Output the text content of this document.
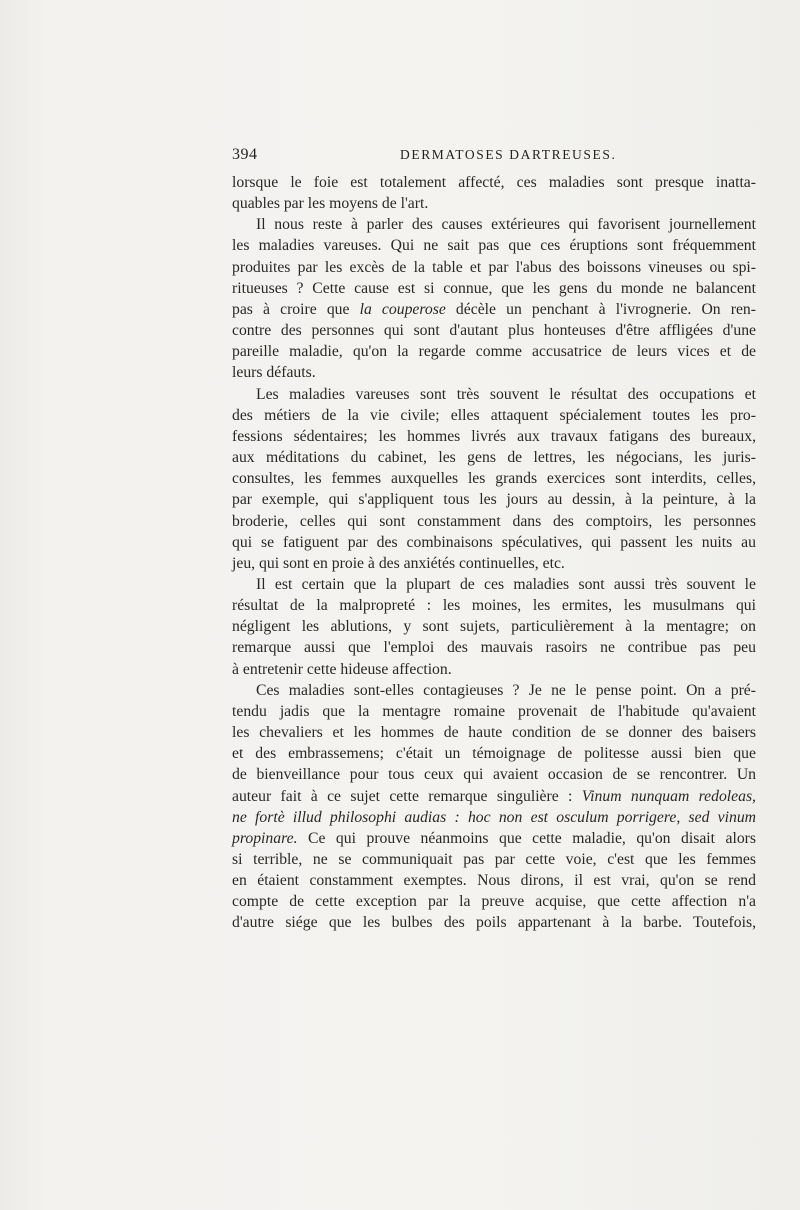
394	DERMATOSES DARTREUSES.

lorsque le foie est totalement affecté, ces maladies sont presque inatta-
quables par les moyens de l'art.

Il nous reste à parler des causes extérieures qui favorisent journellement
les maladies vareuses. Qui ne sait pas que ces éruptions sont fréquemment
produites par les excès de la table et par l'abus des boissons vineuses ou spi-
ritueuses ? Cette cause est si connue, que les gens du monde ne balancent
pas à croire que la couperose décèle un penchant à l'ivrognerie. On ren-
contre des personnes qui sont d'autant plus honteuses d'être affligées d'une
pareille maladie, qu'on la regarde comme accusatrice de leurs vices et de
leurs défauts.

Les maladies vareuses sont très souvent le résultat des occupations et
des métiers de la vie civile; elles attaquent spécialement toutes les pro-
fessions sédentaires; les hommes livrés aux travaux fatigans des bureaux,
aux méditations du cabinet, les gens de lettres, les négocians, les juris-
consultes, les femmes auxquelles les grands exercices sont interdits, celles,
par exemple, qui s'appliquent tous les jours au dessin, à la peinture, à la
broderie, celles qui sont constamment dans des comptoirs, les personnes
qui se fatiguent par des combinaisons spéculatives, qui passent les nuits au
jeu, qui sont en proie à des anxiétés continuelles, etc.

Il est certain que la plupart de ces maladies sont aussi très souvent le
résultat de la malpropreté : les moines, les ermites, les musulmans qui
négligent les ablutions, y sont sujets, particulièrement à la mentagre; on
remarque aussi que l'emploi des mauvais rasoirs ne contribue pas peu
à entretenir cette hideuse affection.

Ces maladies sont-elles contagieuses ? Je ne le pense point. On a pré-
tendu jadis que la mentagre romaine provenait de l'habitude qu'avaient
les chevaliers et les hommes de haute condition de se donner des baisers
et des embrassemens; c'était un témoignage de politesse aussi bien que
de bienveillance pour tous ceux qui avaient occasion de se rencontrer. Un
auteur fait à ce sujet cette remarque singulière : Vinum nunquam redoleas,
ne fortè illud philosophi audias : hoc non est osculum porrigere, sed vinum
propinare. Ce qui prouve néanmoins que cette maladie, qu'on disait alors
si terrible, ne se communiquait pas par cette voie, c'est que les femmes
en étaient constamment exemptes. Nous dirons, il est vrai, qu'on se rend
compte de cette exception par la preuve acquise, que cette affection n'a
d'autre siége que les bulbes des poils appartenant à la barbe. Toutefois,
